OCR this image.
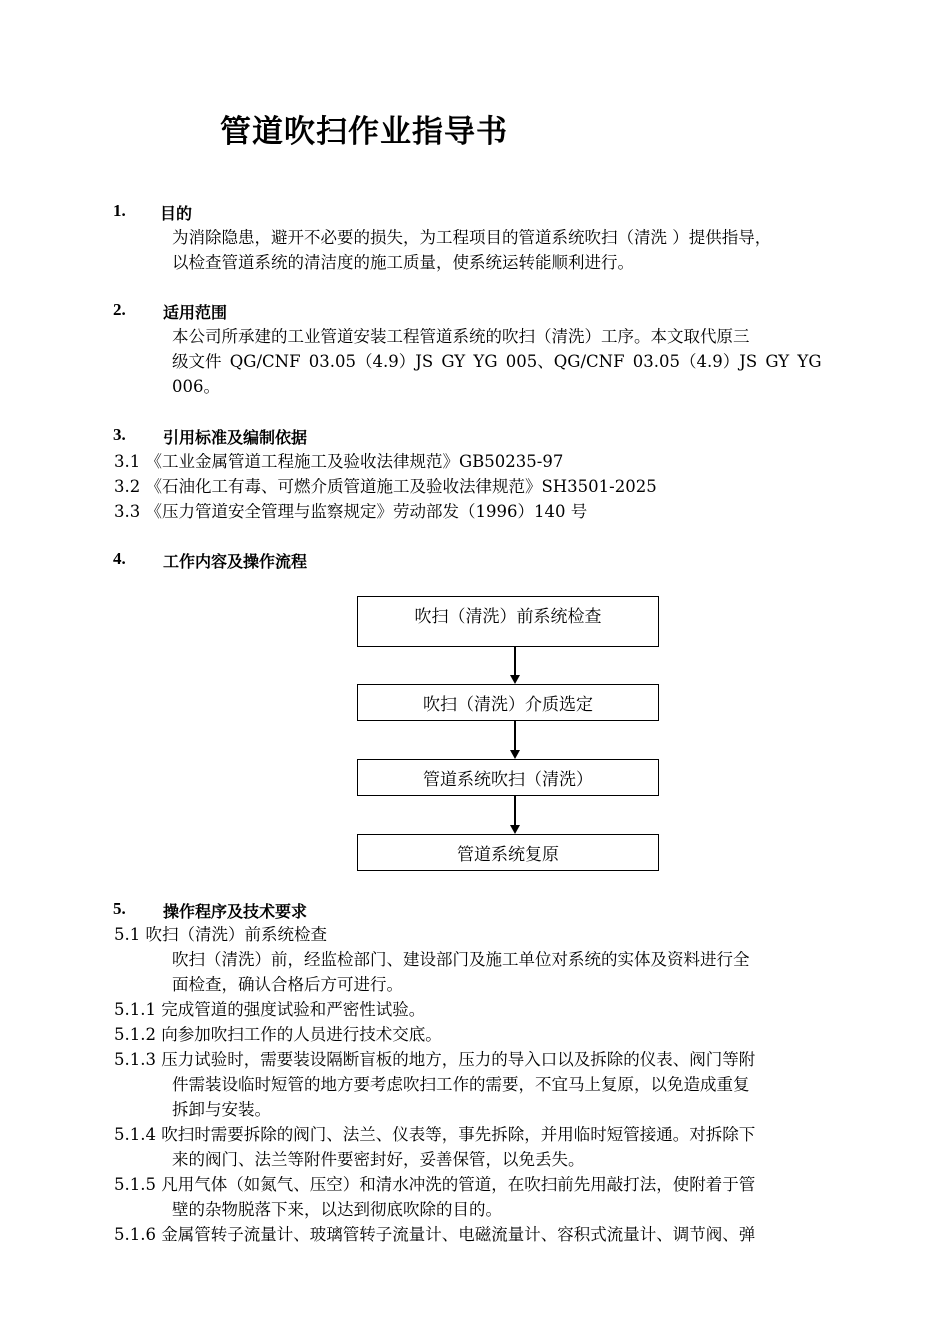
管道吹扫作业指导书
1. 目的
为消除隐患，避开不必要的损失，为工程项目的管道系统吹扫（清洗 ）提供指导，
以检查管道系统的清洁度的施工质量，使系统运转能顺利进行。
2. 适用范围
本公司所承建的工业管道安装工程管道系统的吹扫（清洗）工序。本文取代原三
级文件 QG/CNF 03.05（4.9）JS GY YG 005、QG/CNF 03.05（4.9）JS GY YG
006。
3. 引用标准及编制依据
3.1 《工业金属管道工程施工及验收法律规范》GB50235-97
3.2 《石油化工有毒、可燃介质管道施工及验收法律规范》SH3501-2025
3.3 《压力管道安全管理与监察规定》劳动部发（1996）140 号
4. 工作内容及操作流程
吹扫（清洗）前系统检查
吹扫（清洗）介质选定
管道系统吹扫（清洗）
管道系统复原
5. 操作程序及技术要求
5.1 吹扫（清洗）前系统检查
吹扫（清洗）前，经监检部门、建设部门及施工单位对系统的实体及资料进行全
面检查，确认合格后方可进行。
5.1.1 完成管道的强度试验和严密性试验。
5.1.2 向参加吹扫工作的人员进行技术交底。
5.1.3 压力试验时，需要装设隔断盲板的地方，压力的导入口以及拆除的仪表、阀门等附
件需装设临时短管的地方要考虑吹扫工作的需要，不宜马上复原，以免造成重复
拆卸与安装。
5.1.4 吹扫时需要拆除的阀门、法兰、仪表等，事先拆除，并用临时短管接通。对拆除下
来的阀门、法兰等附件要密封好，妥善保管，以免丢失。
5.1.5 凡用气体（如氮气、压空）和清水冲洗的管道，在吹扫前先用敲打法，使附着于管
壁的杂物脱落下来，以达到彻底吹除的目的。
5.1.6 金属管转子流量计、玻璃管转子流量计、电磁流量计、容积式流量计、调节阀、弹
